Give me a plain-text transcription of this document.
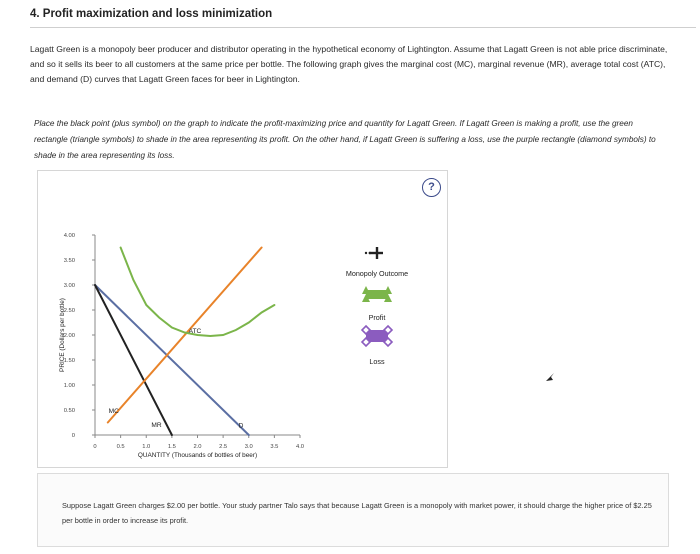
4. Profit maximization and loss minimization
Lagatt Green is a monopoly beer producer and distributor operating in the hypothetical economy of Lightington. Assume that Lagatt Green is not able price discriminate, and so it sells its beer to all customers at the same price per bottle. The following graph gives the marginal cost (MC), marginal revenue (MR), average total cost (ATC), and demand (D) curves that Lagatt Green faces for beer in Lightington.
Place the black point (plus symbol) on the graph to indicate the profit-maximizing price and quantity for Lagatt Green. If Lagatt Green is making a profit, use the green rectangle (triangle symbols) to shade in the area representing its profit. On the other hand, if Lagatt Green is suffering a loss, use the purple rectangle (diamond symbols) to shade in the area representing its loss.
?
0	0.5	1.0	1.5	2.0	2.5	3.0	3.5	4.0
0
0.50
1.00
1.50
2.00
2.50
3.00
3.50
4.00
QUANTITY (Thousands of bottles of beer)
PRICE (Dollars per bottle)	ATC
MC
MR	D
Monopoly Outcome
Profit
Loss
Suppose Lagatt Green charges $2.00 per bottle. Your study partner Talo says that because Lagatt Green is a monopoly with market power, it should charge the higher price of $2.25 per bottle in order to increase its profit.
